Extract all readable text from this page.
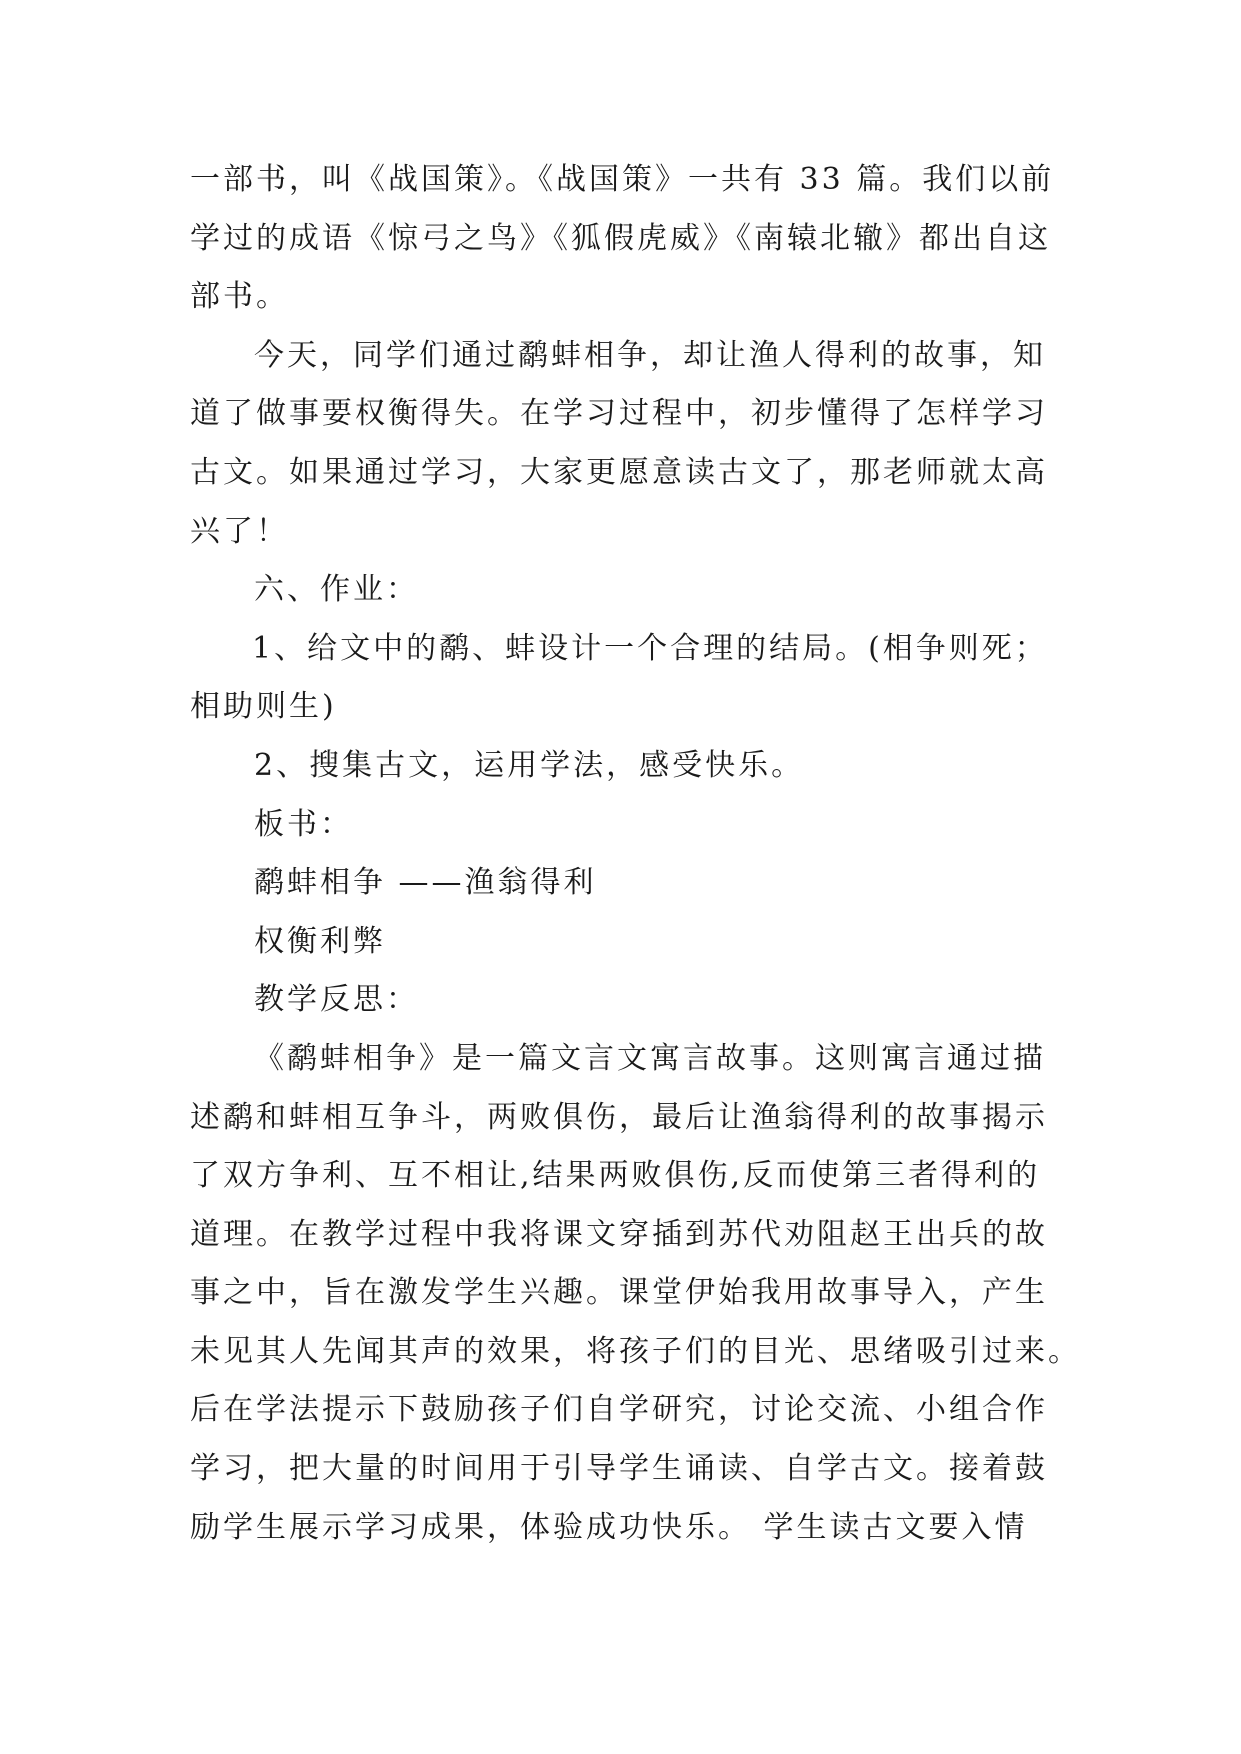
一部书，叫《战国策》。《战国策》一共有 33 篇。我们以前
学过的成语《惊弓之鸟》《狐假虎威》《南辕北辙》都出自这
部书。
今天，同学们通过鹬蚌相争，却让渔人得利的故事，知
道了做事要权衡得失。在学习过程中，初步懂得了怎样学习
古文。如果通过学习，大家更愿意读古文了，那老师就太高
兴了！
六、作业：
1、给文中的鹬、蚌设计一个合理的结局。(相争则死；
相助则生)
2、搜集古文，运用学法，感受快乐。
板书：
鹬蚌相争 ——渔翁得利
权衡利弊
教学反思：
《鹬蚌相争》是一篇文言文寓言故事。这则寓言通过描
述鹬和蚌相互争斗，两败俱伤，最后让渔翁得利的故事揭示
了双方争利、互不相让,结果两败俱伤,反而使第三者得利的
道理。在教学过程中我将课文穿插到苏代劝阻赵王出兵的故
事之中，旨在激发学生兴趣。课堂伊始我用故事导入，产生
未见其人先闻其声的效果，将孩子们的目光、思绪吸引过来。
后在学法提示下鼓励孩子们自学研究，讨论交流、小组合作
学习，把大量的时间用于引导学生诵读、自学古文。接着鼓
励学生展示学习成果，体验成功快乐。 学生读古文要入情
